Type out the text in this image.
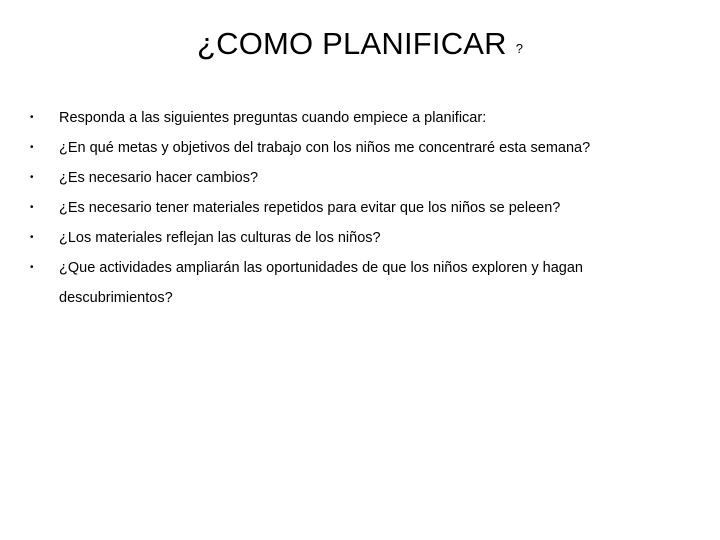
¿COMO PLANIFICAR ?
• Responda a las siguientes preguntas cuando empiece a planificar:
• ¿En qué metas y objetivos del trabajo con los niños me concentraré esta semana?
• ¿Es necesario hacer cambios?
• ¿Es necesario tener materiales repetidos para evitar que los niños se peleen?
• ¿Los materiales reflejan las culturas de los niños?
• ¿Que actividades ampliarán las oportunidades de que los niños exploren y hagan descubrimientos?
